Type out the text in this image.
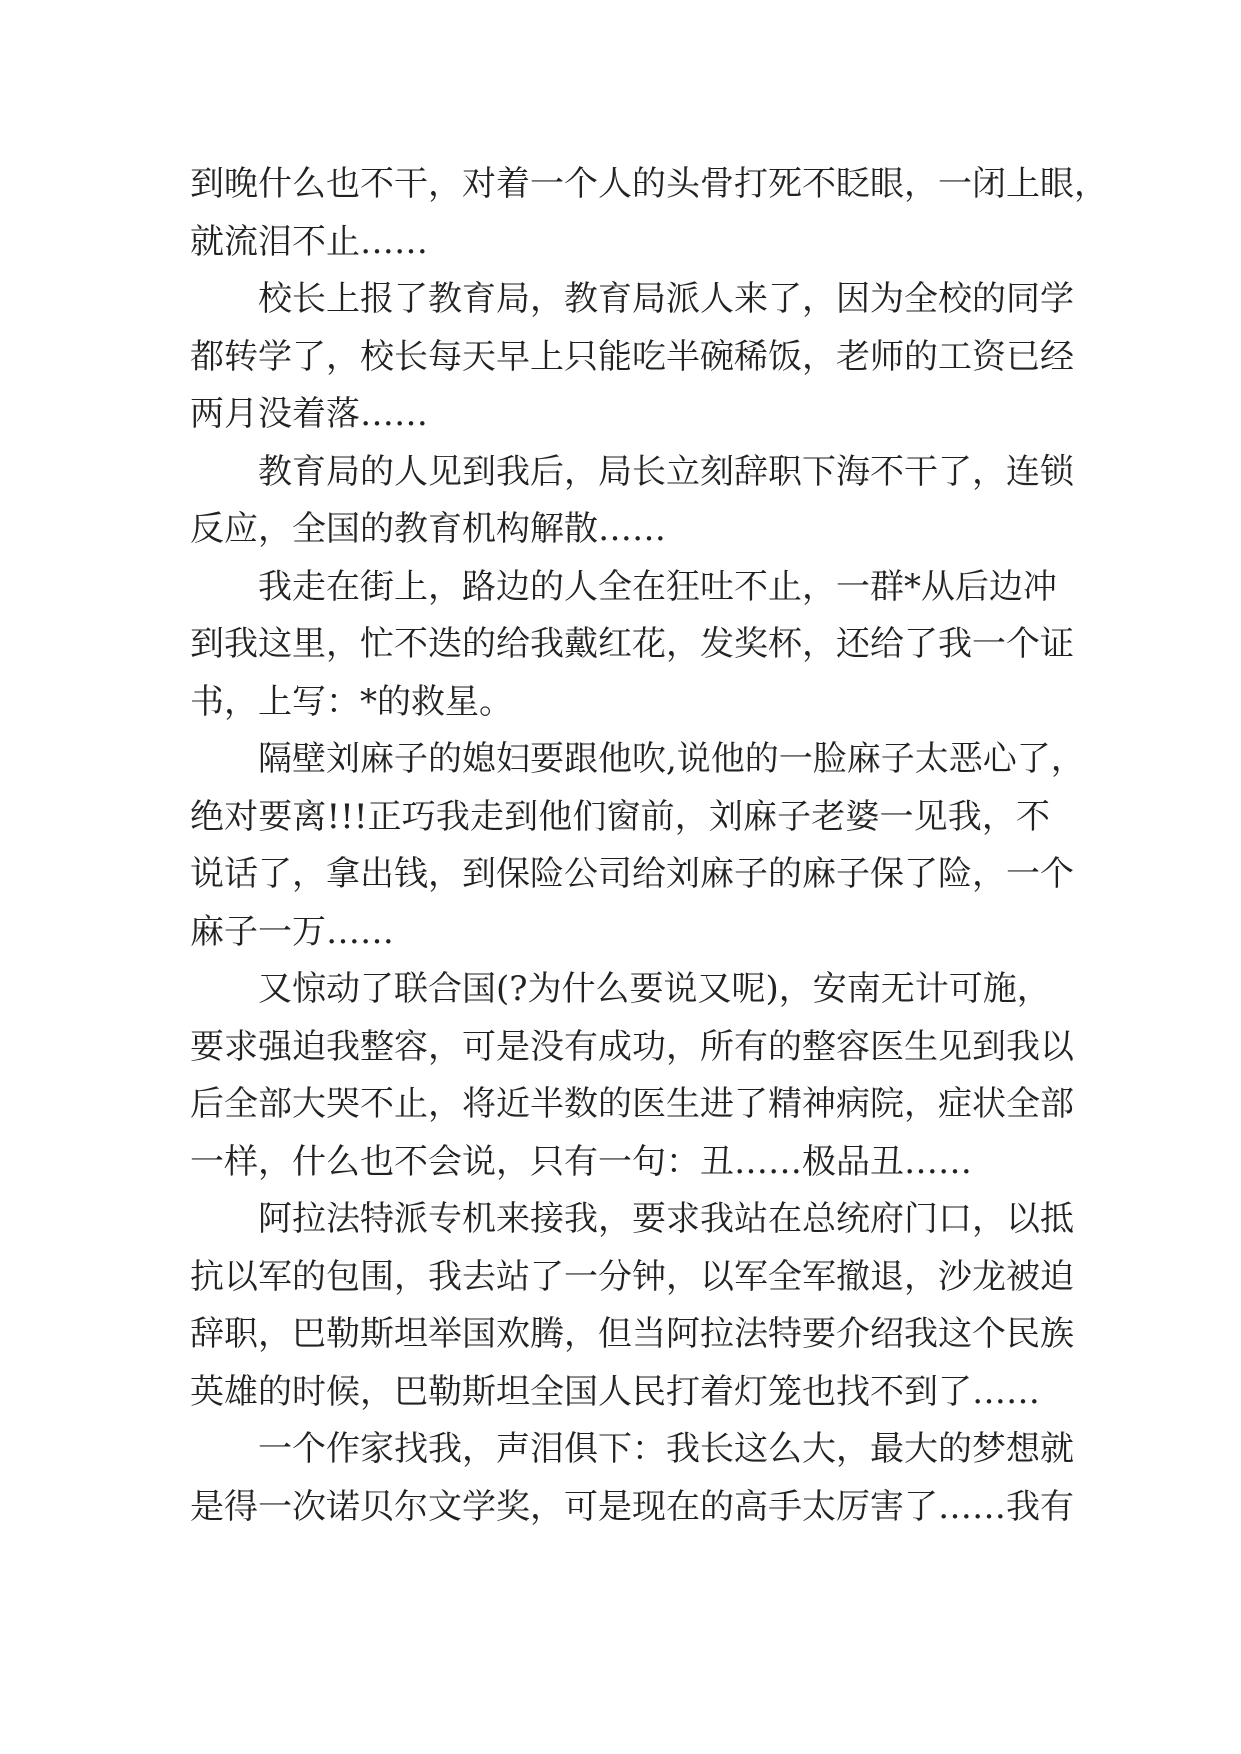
到晚什么也不干，对着一个人的头骨打死不眨眼，一闭上眼，
就流泪不止……
校长上报了教育局，教育局派人来了，因为全校的同学
都转学了，校长每天早上只能吃半碗稀饭，老师的工资已经
两月没着落……
教育局的人见到我后，局长立刻辞职下海不干了，连锁
反应，全国的教育机构解散……
我走在街上，路边的人全在狂吐不止，一群*从后边冲
到我这里，忙不迭的给我戴红花，发奖杯，还给了我一个证
书，上写：*的救星。
隔壁刘麻子的媳妇要跟他吹,说他的一脸麻子太恶心了，
绝对要离!!!正巧我走到他们窗前，刘麻子老婆一见我，不
说话了，拿出钱，到保险公司给刘麻子的麻子保了险，一个
麻子一万……
又惊动了联合国(?为什么要说又呢)，安南无计可施，
要求强迫我整容，可是没有成功，所有的整容医生见到我以
后全部大哭不止，将近半数的医生进了精神病院，症状全部
一样，什么也不会说，只有一句：丑……极品丑……
阿拉法特派专机来接我，要求我站在总统府门口，以抵
抗以军的包围，我去站了一分钟，以军全军撤退，沙龙被迫
辞职，巴勒斯坦举国欢腾，但当阿拉法特要介绍我这个民族
英雄的时候，巴勒斯坦全国人民打着灯笼也找不到了……
一个作家找我，声泪俱下：我长这么大，最大的梦想就
是得一次诺贝尔文学奖，可是现在的高手太厉害了……我有
